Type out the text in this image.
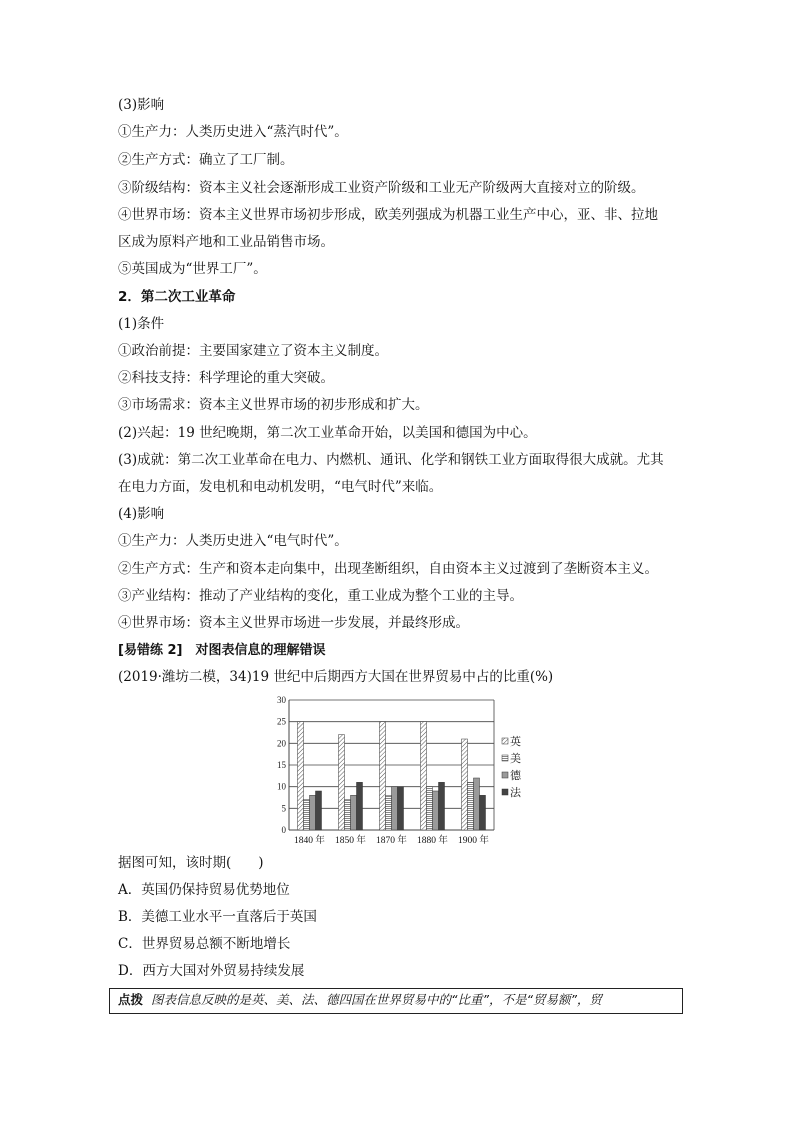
(3)影响
①生产力：人类历史进入“蒸汽时代”。
②生产方式：确立了工厂制。
③阶级结构：资本主义社会逐渐形成工业资产阶级和工业无产阶级两大直接对立的阶级。
④世界市场：资本主义世界市场初步形成，欧美列强成为机器工业生产中心，亚、非、拉地
区成为原料产地和工业品销售市场。
⑤英国成为“世界工厂”。
2．第二次工业革命
(1)条件
①政治前提：主要国家建立了资本主义制度。
②科技支持：科学理论的重大突破。
③市场需求：资本主义世界市场的初步形成和扩大。
(2)兴起：19 世纪晚期，第二次工业革命开始，以美国和德国为中心。
(3)成就：第二次工业革命在电力、内燃机、通讯、化学和钢铁工业方面取得很大成就。尤其
在电力方面，发电机和电动机发明，“电气时代”来临。
(4)影响
①生产力：人类历史进入“电气时代”。
②生产方式：生产和资本走向集中，出现垄断组织，自由资本主义过渡到了垄断资本主义。
③产业结构：推动了产业结构的变化，重工业成为整个工业的主导。
④世界市场：资本主义世界市场进一步发展，并最终形成。
[易错练 2]　对图表信息的理解错误
(2019·潍坊二模，34)19 世纪中后期西方大国在世界贸易中占的比重(%)
0
5
10
15
20
25
30
1840 年 1850 年 1870 年 1880 年 1900 年
英
美
德
法
据图可知，该时期(　　)
A．英国仍保持贸易优势地位
B．美德工业水平一直落后于英国
C．世界贸易总额不断地增长
D．西方大国对外贸易持续发展
点拨 图表信息反映的是英、美、法、德四国在世界贸易中的“比重”，不是“贸易额”，贸
